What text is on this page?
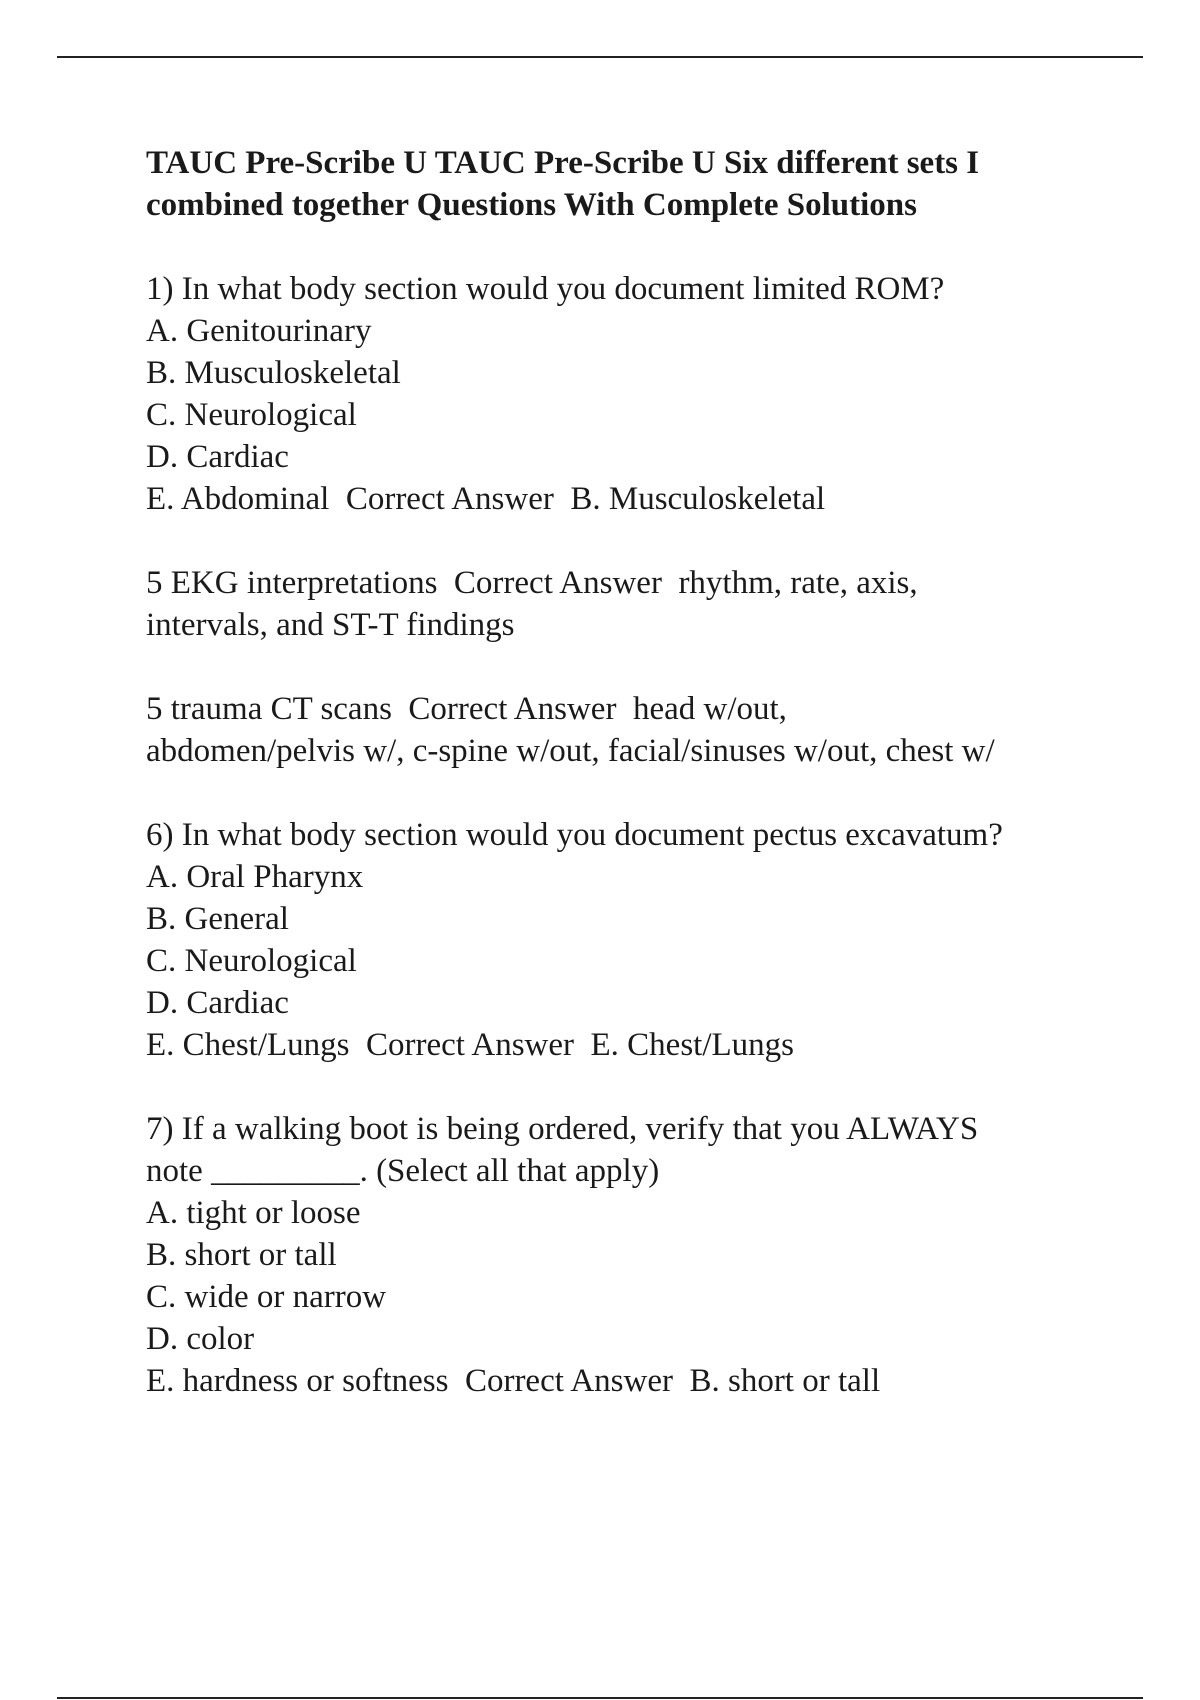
TAUC Pre-Scribe U TAUC Pre-Scribe U Six different sets I
combined together Questions With Complete Solutions

1) In what body section would you document limited ROM?

A. Genitourinary

B. Musculoskeletal

C. Neurological

D. Cardiac

E. Abdominal  Correct Answer  B. Musculoskeletal

5 EKG interpretations  Correct Answer  rhythm, rate, axis,

intervals, and ST-T findings

5 trauma CT scans  Correct Answer  head w/out,

abdomen/pelvis w/, c-spine w/out, facial/sinuses w/out, chest w/

6) In what body section would you document pectus excavatum?

A. Oral Pharynx

B. General

C. Neurological

D. Cardiac

E. Chest/Lungs  Correct Answer  E. Chest/Lungs

7) If a walking boot is being ordered, verify that you ALWAYS

note _________. (Select all that apply)

A. tight or loose

B. short or tall

C. wide or narrow

D. color

E. hardness or softness  Correct Answer  B. short or tall
